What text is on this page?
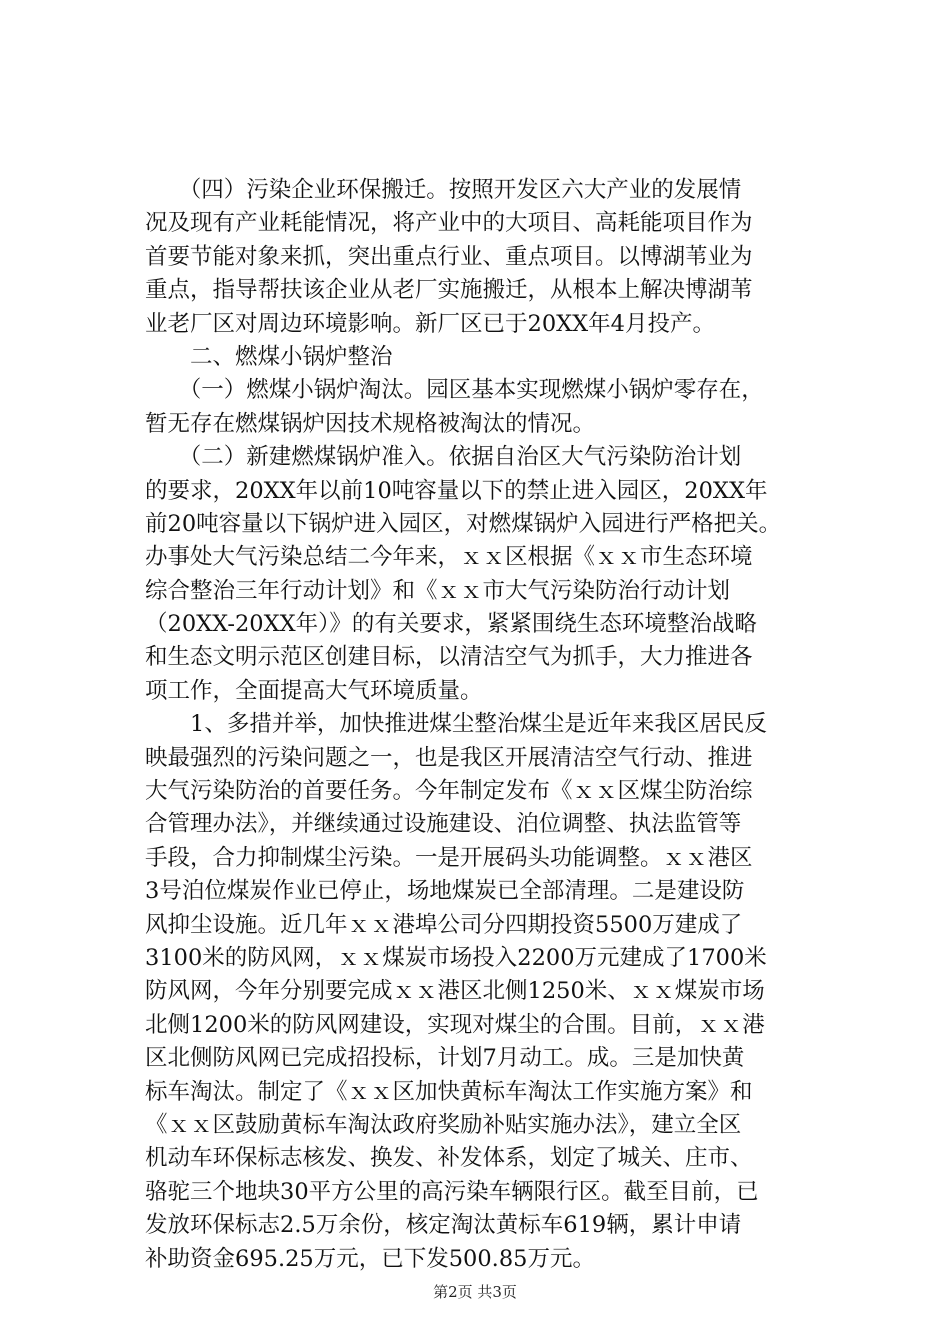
　　（四）污染企业环保搬迁。按照开发区六大产业的发展情
况及现有产业耗能情况，将产业中的大项目、高耗能项目作为
首要节能对象来抓，突出重点行业、重点项目。以博湖苇业为
重点，指导帮扶该企业从老厂实施搬迁，从根本上解决博湖苇
业老厂区对周边环境影响。新厂区已于20XX年4月投产。
　　二、燃煤小锅炉整治
　　（一）燃煤小锅炉淘汰。园区基本实现燃煤小锅炉零存在，
暂无存在燃煤锅炉因技术规格被淘汰的情况。
　　（二）新建燃煤锅炉准入。依据自治区大气污染防治计划
的要求，20XX年以前10吨容量以下的禁止进入园区，20XX年
前20吨容量以下锅炉进入园区，对燃煤锅炉入园进行严格把关。
办事处大气污染总结二今年来，ｘｘ区根据《ｘｘ市生态环境
综合整治三年行动计划》和《ｘｘ市大气污染防治行动计划
（20XX-20XX年）》的有关要求，紧紧围绕生态环境整治战略
和生态文明示范区创建目标，以清洁空气为抓手，大力推进各
项工作，全面提高大气环境质量。
　　1、多措并举，加快推进煤尘整治煤尘是近年来我区居民反
映最强烈的污染问题之一，也是我区开展清洁空气行动、推进
大气污染防治的首要任务。今年制定发布《ｘｘ区煤尘防治综
合管理办法》，并继续通过设施建设、泊位调整、执法监管等
手段，合力抑制煤尘污染。一是开展码头功能调整。ｘｘ港区
3号泊位煤炭作业已停止，场地煤炭已全部清理。二是建设防
风抑尘设施。近几年ｘｘ港埠公司分四期投资5500万建成了
3100米的防风网，ｘｘ煤炭市场投入2200万元建成了1700米
防风网，今年分别要完成ｘｘ港区北侧1250米、ｘｘ煤炭市场
北侧1200米的防风网建设，实现对煤尘的合围。目前，ｘｘ港
区北侧防风网已完成招投标，计划7月动工。成。三是加快黄
标车淘汰。制定了《ｘｘ区加快黄标车淘汰工作实施方案》和
《ｘｘ区鼓励黄标车淘汰政府奖励补贴实施办法》，建立全区
机动车环保标志核发、换发、补发体系，划定了城关、庄市、
骆驼三个地块30平方公里的高污染车辆限行区。截至目前，已
发放环保标志2.5万余份，核定淘汰黄标车619辆，累计申请
补助资金695.25万元，已下发500.85万元。
第2页 共3页
